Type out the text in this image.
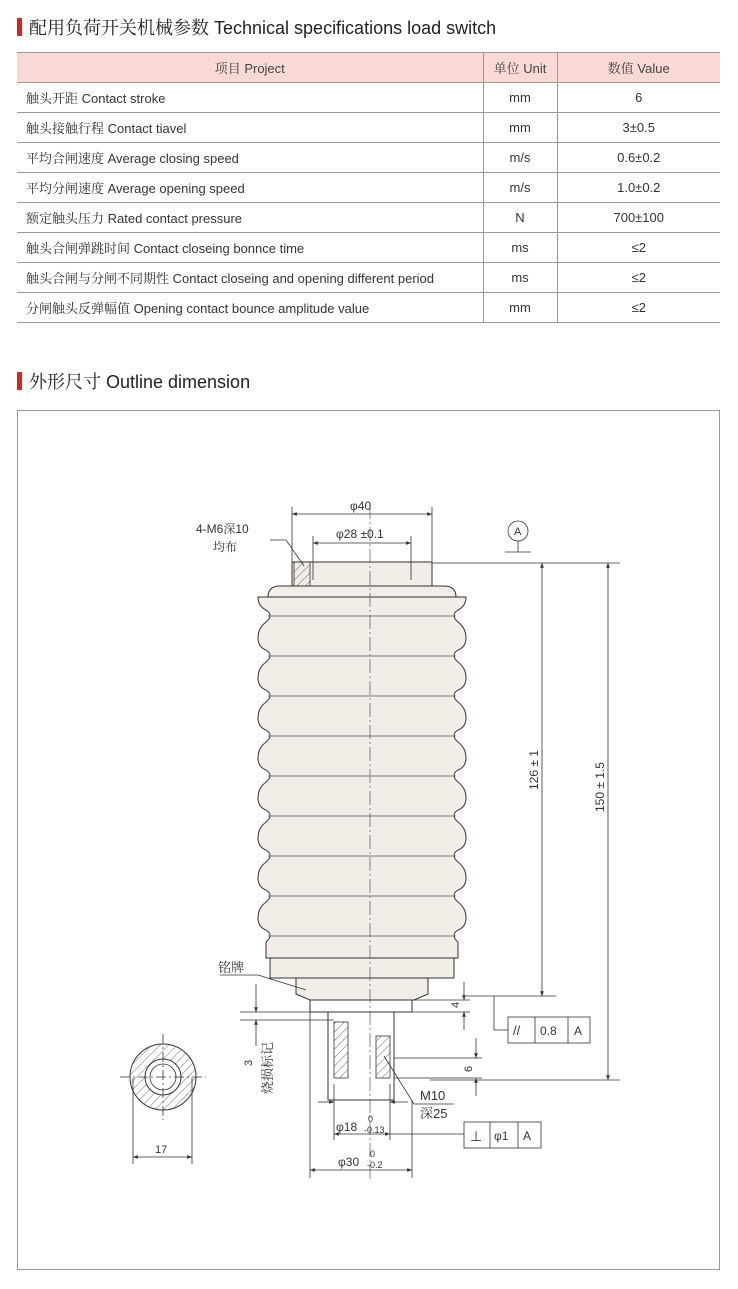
配用负荷开关机械参数 Technical specifications load switch
项目 Project	单位 Unit	数值 Value
触头开距 Contact stroke	mm	6
触头接触行程 Contact tiavel	mm	3±0.5
平均合闸速度 Average closing speed	m/s	0.6±0.2
平均分闸速度 Average opening speed	m/s	1.0±0.2
额定触头压力 Rated contact pressure	N	700±100
触头合闸弹跳时间 Contact closeing bonnce time	ms	≤2
触头合闸与分闸不同期性 Contact closeing and opening different period	ms	≤2
分闸触头反弹幅值 Opening contact bounce amplitude value	mm	≤2
外形尺寸 Outline dimension
φ40
φ28 ±0.1
4-M6深10
均布
A
126 ± 1	150 ± 1.5
4
// 0.8 A
6
铭牌
3 烧损标记
M10
深25
φ18
0
-0.13	⊥ φ1 A
φ30
0
-0.2
17
